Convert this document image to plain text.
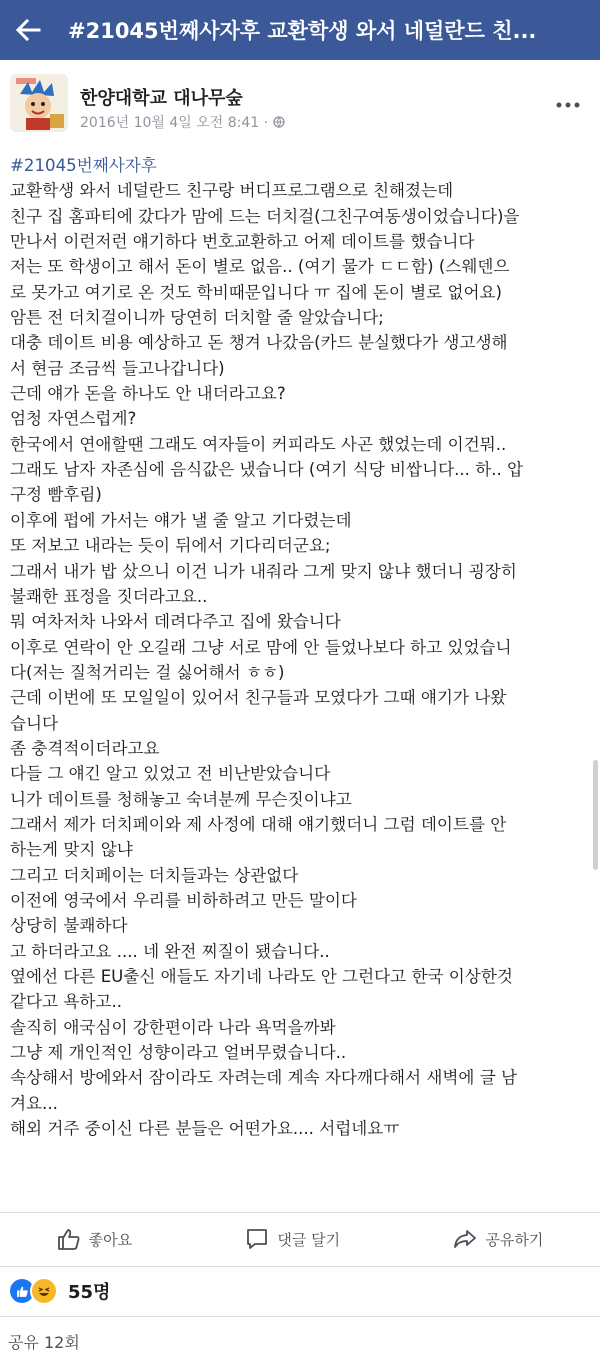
#21045번째사자후 교환학생 와서 네덜란드 친...
한양대학교 대나무숲
2016년 10월 4일 오전 8:41 ·
#21045번째사자후
교환학생 와서 네덜란드 친구랑 버디프로그램으로 친해졌는데
친구 집 홈파티에 갔다가 맘에 드는 더치걸(그친구여동생이었습니다)을
만나서 이런저런 얘기하다 번호교환하고 어제 데이트를 했습니다
저는 또 학생이고 해서 돈이 별로 없음.. (여기 물가 ㄷㄷ함) (스웨덴으
로 못가고 여기로 온 것도 학비때문입니다 ㅠ 집에 돈이 별로 없어요)
암튼 전 더치걸이니까 당연히 더치할 줄 알았습니다;
대충 데이트 비용 예상하고 돈 챙겨 나갔음(카드 분실했다가 생고생해
서 현금 조금씩 들고나갑니다)
근데 얘가 돈을 하나도 안 내더라고요?
엄청 자연스럽게?
한국에서 연애할땐 그래도 여자들이 커피라도 사곤 했었는데 이건뭐..
그래도 남자 자존심에 음식값은 냈습니다 (여기 식당 비쌉니다... 하.. 압
구정 빰후림)
이후에 펍에 가서는 얘가 낼 줄 알고 기다렸는데
또 저보고 내라는 듯이 뒤에서 기다리더군요;
그래서 내가 밥 샀으니 이건 니가 내줘라 그게 맞지 않냐 했더니 굉장히
불쾌한 표정을 짓더라고요..
뭐 여차저차 나와서 데려다주고 집에 왔습니다
이후로 연락이 안 오길래 그냥 서로 맘에 안 들었나보다 하고 있었습니
다(저는 질척거리는 걸 싫어해서 ㅎㅎ)
근데 이번에 또 모일일이 있어서 친구들과 모였다가 그때 얘기가 나왔
습니다
좀 충격적이더라고요
다들 그 얘긴 알고 있었고 전 비난받았습니다
니가 데이트를 청해놓고 숙녀분께 무슨짓이냐고
그래서 제가 더치페이와 제 사정에 대해 얘기했더니 그럼 데이트를 안
하는게 맞지 않냐
그리고 더치페이는 더치들과는 상관없다
이전에 영국에서 우리를 비하하려고 만든 말이다
상당히 불쾌하다
고 하더라고요 .... 네 완전 찌질이 됐습니다..
옆에선 다른 EU출신 애들도 자기네 나라도 안 그런다고 한국 이상한것
같다고 욕하고..
솔직히 애국심이 강한편이라 나라 욕먹을까봐
그냥 제 개인적인 성향이라고 얼버무렸습니다..
속상해서 방에와서 잠이라도 자려는데 계속 자다깨다해서 새벽에 글 남
겨요...
해외 거주 중이신 다른 분들은 어떤가요.... 서럽네요ㅠ
좋아요	댓글 달기	공유하기
55명
공유 12회
